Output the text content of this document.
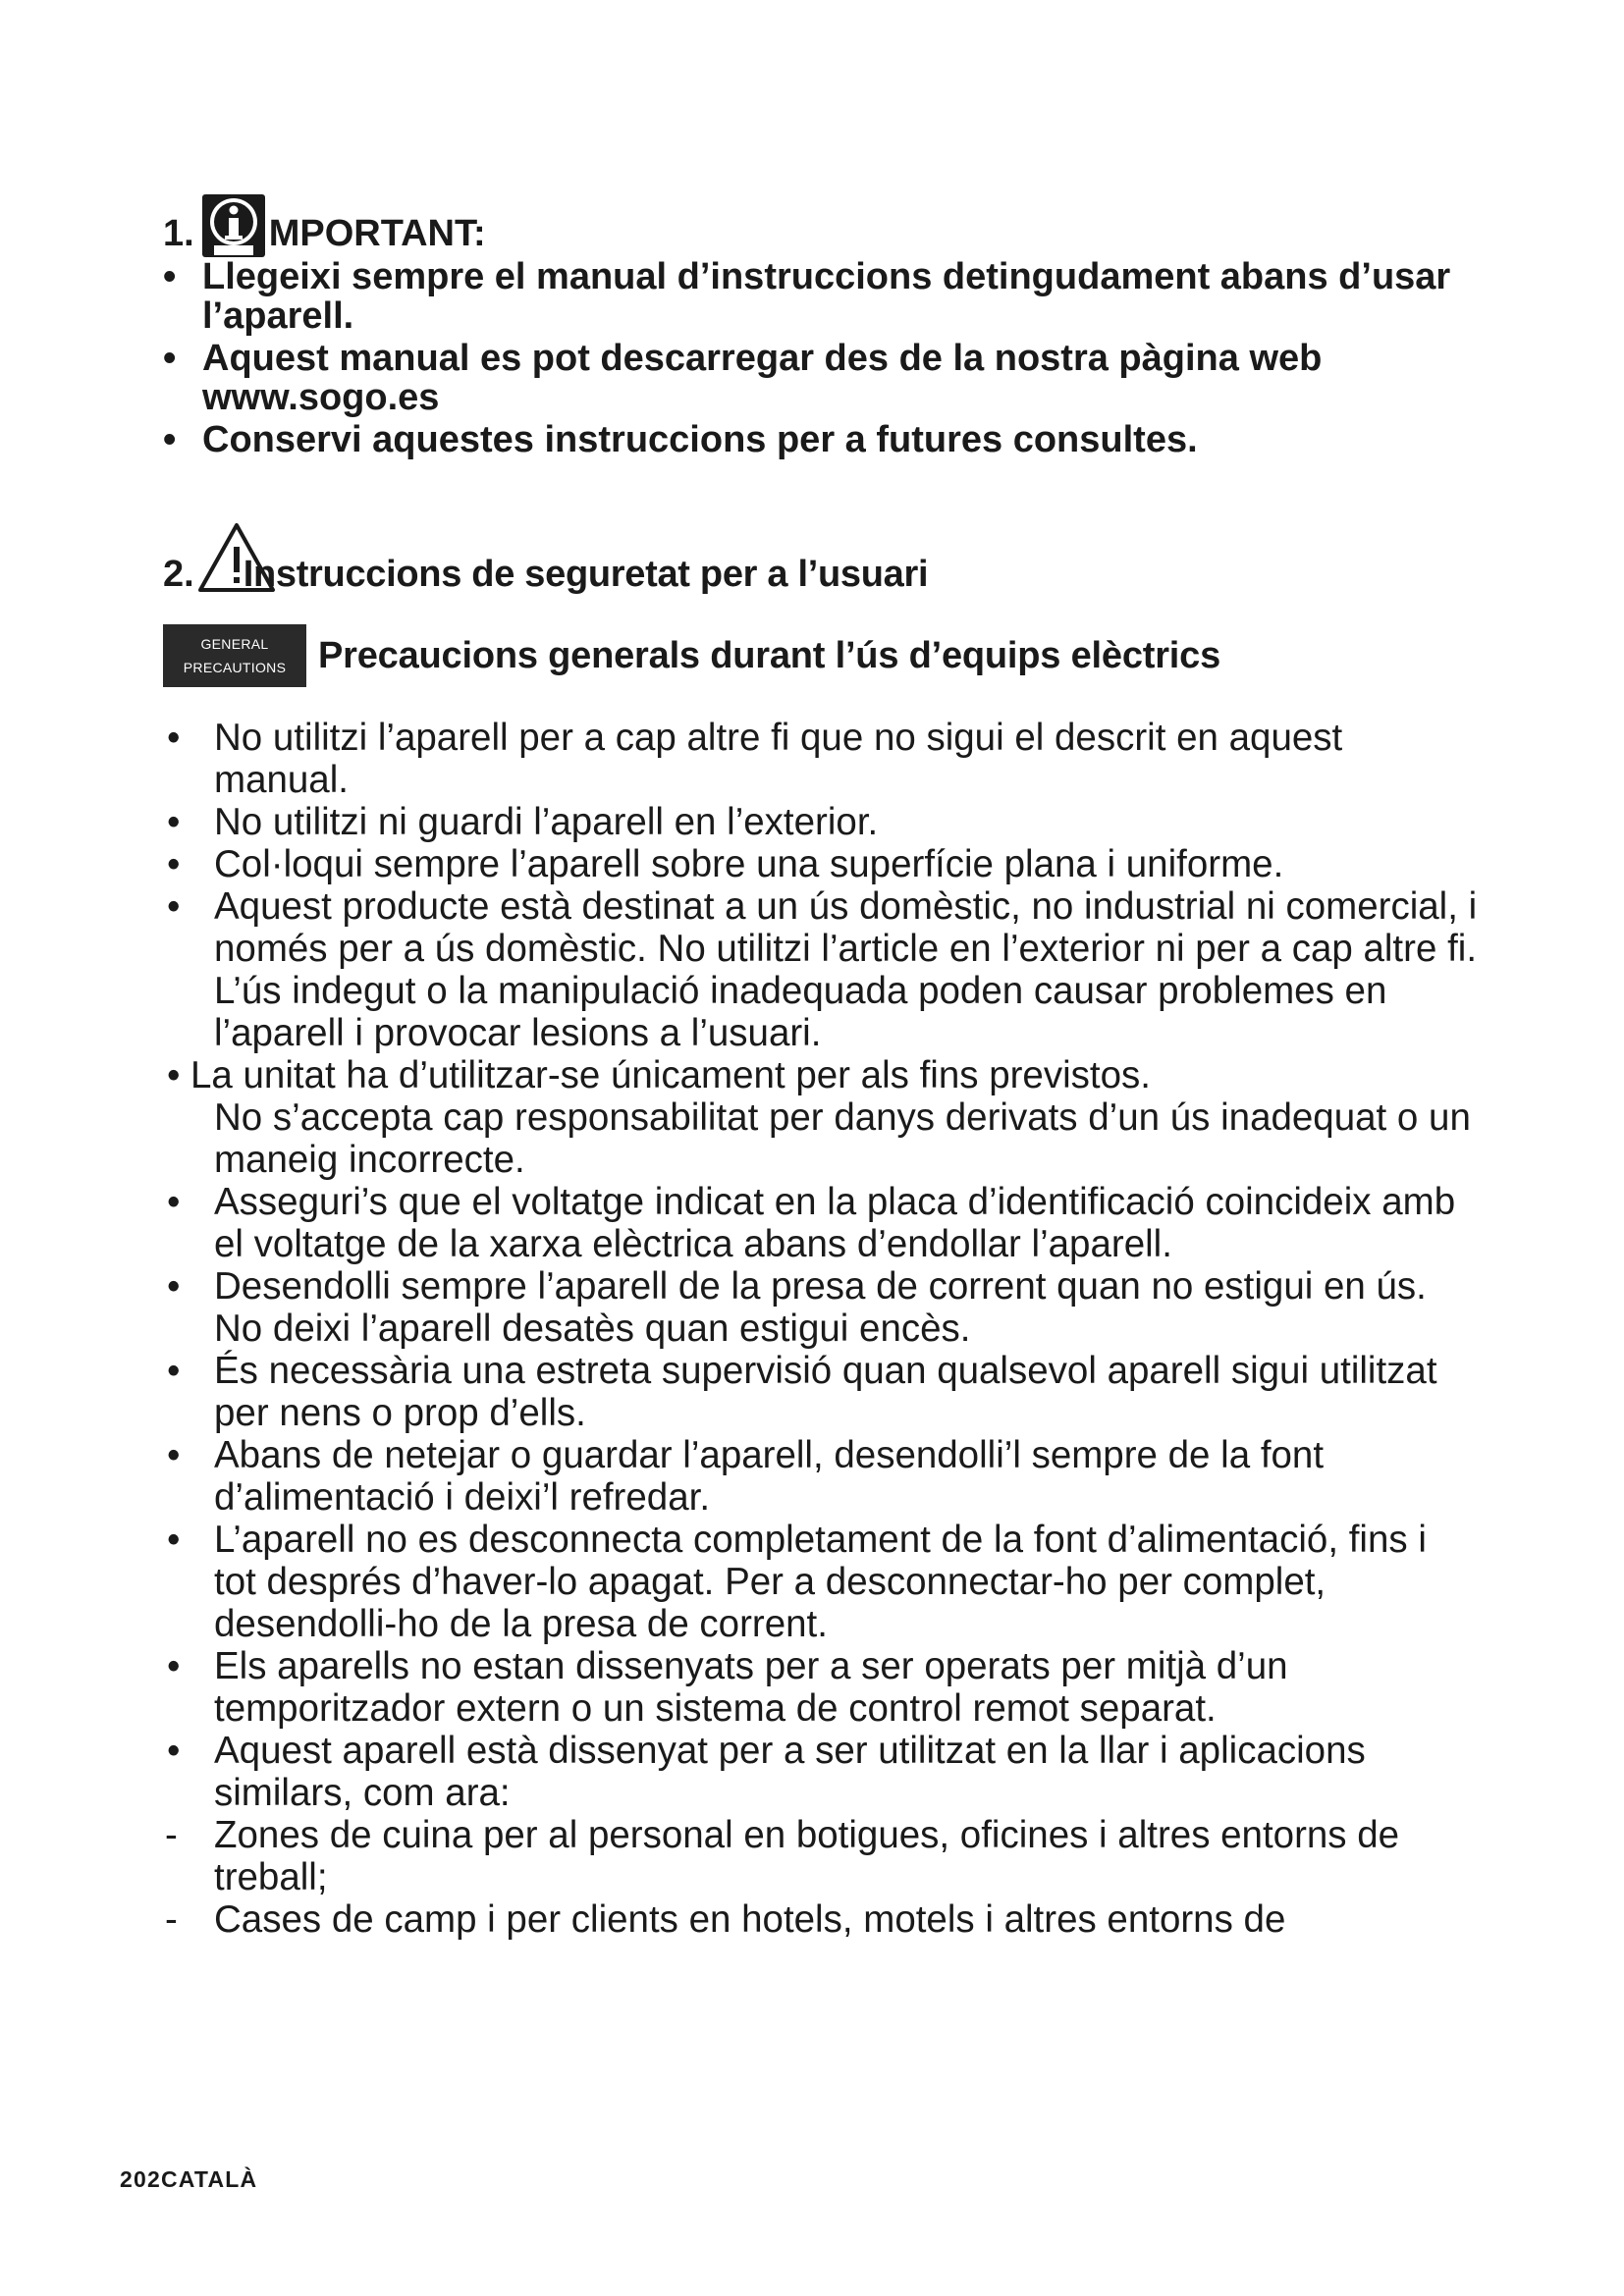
1. MPORTANT:
• Llegeixi sempre el manual d’instruccions detingudament abans d’usar l’aparell.
• Aquest manual es pot descarregar des de la nostra pàgina web www.sogo.es
• Conservi aquestes instruccions per a futures consultes.
2. Instruccions de seguretat per a l’usuari
GENERAL
PRECAUTIONS Precaucions generals durant l’ús d’equips elèctrics
• No utilitzi l’aparell per a cap altre fi que no sigui el descrit en aquest manual.
• No utilitzi ni guardi l’aparell en l’exterior.
• Col·loqui sempre l’aparell sobre una superfície plana i uniforme.
• Aquest producte està destinat a un ús domèstic, no industrial ni comercial, i només per a ús domèstic. No utilitzi l’article en l’exterior ni per a cap altre fi. L’ús indegut o la manipulació inadequada poden causar problemes en l’aparell i provocar lesions a l’usuari.
• La unitat ha d’utilitzar-se únicament per als fins previstos.
No s’accepta cap responsabilitat per danys derivats d’un ús inadequat o un maneig incorrecte.
• Asseguri’s que el voltatge indicat en la placa d’identificació coincideix amb el voltatge de la xarxa elèctrica abans d’endollar l’aparell.
• Desendolli sempre l’aparell de la presa de corrent quan no estigui en ús. No deixi l’aparell desatès quan estigui encès.
• És necessària una estreta supervisió quan qualsevol aparell sigui utilitzat per nens o prop d’ells.
• Abans de netejar o guardar l’aparell, desendolli’l sempre de la font d’alimentació i deixi’l refredar.
• L’aparell no es desconnecta completament de la font d’alimentació, fins i tot després d’haver-lo apagat. Per a desconnectar-ho per complet, desendolli-ho de la presa de corrent.
• Els aparells no estan dissenyats per a ser operats per mitjà d’un temporitzador extern o un sistema de control remot separat.
• Aquest aparell està dissenyat per a ser utilitzat en la llar i aplicacions similars, com ara:
- Zones de cuina per al personal en botigues, oficines i altres entorns de treball;
- Cases de camp i per clients en hotels, motels i altres entorns de
202CATALÀ
